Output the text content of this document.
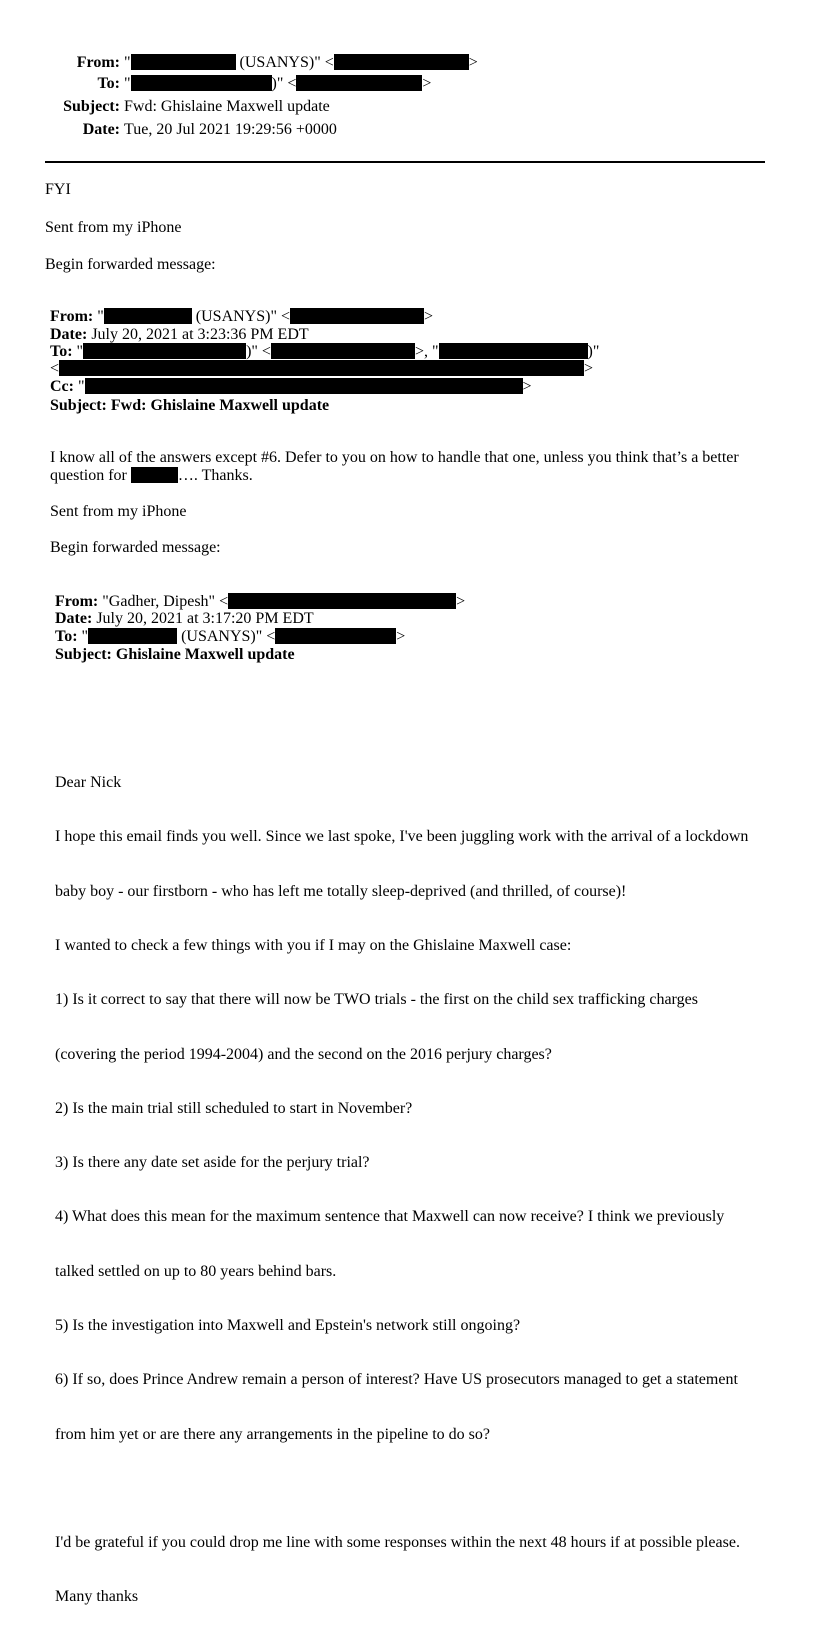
From: "	(USANYS)" <	>
To: "	)" <	>
Subject: Fwd: Ghislaine Maxwell update
Date: Tue, 20 Jul 2021 19:29:56 +0000
FYI
Sent from my iPhone
Begin forwarded message:
From: "	(USANYS)" <	>
Date: July 20, 2021 at 3:23:36 PM EDT
To: "	)" <	>, "	)"
<	>
Cc: "	>
Subject: Fwd: Ghislaine Maxwell update
I know all of the answers except #6. Defer to you on how to handle that one, unless you think that’s a better
question for	…. Thanks.
Sent from my iPhone
Begin forwarded message:
From: "Gadher, Dipesh" <	>
Date: July 20, 2021 at 3:17:20 PM EDT
To: "	(USANYS)" <	>
Subject: Ghislaine Maxwell update

Dear Nick

I hope this email finds you well. Since we last spoke, I've been juggling work with the arrival of a lockdown

baby boy - our firstborn - who has left me totally sleep-deprived (and thrilled, of course)!

I wanted to check a few things with you if I may on the Ghislaine Maxwell case:

1) Is it correct to say that there will now be TWO trials - the first on the child sex trafficking charges

(covering the period 1994-2004) and the second on the 2016 perjury charges?

2) Is the main trial still scheduled to start in November?

3) Is there any date set aside for the perjury trial?

4) What does this mean for the maximum sentence that Maxwell can now receive? I think we previously

talked settled on up to 80 years behind bars.

5) Is the investigation into Maxwell and Epstein's network still ongoing?

6) If so, does Prince Andrew remain a person of interest? Have US prosecutors managed to get a statement

from him yet or are there any arrangements in the pipeline to do so?

I'd be grateful if you could drop me line with some responses within the next 48 hours if at possible please.

Many thanks
